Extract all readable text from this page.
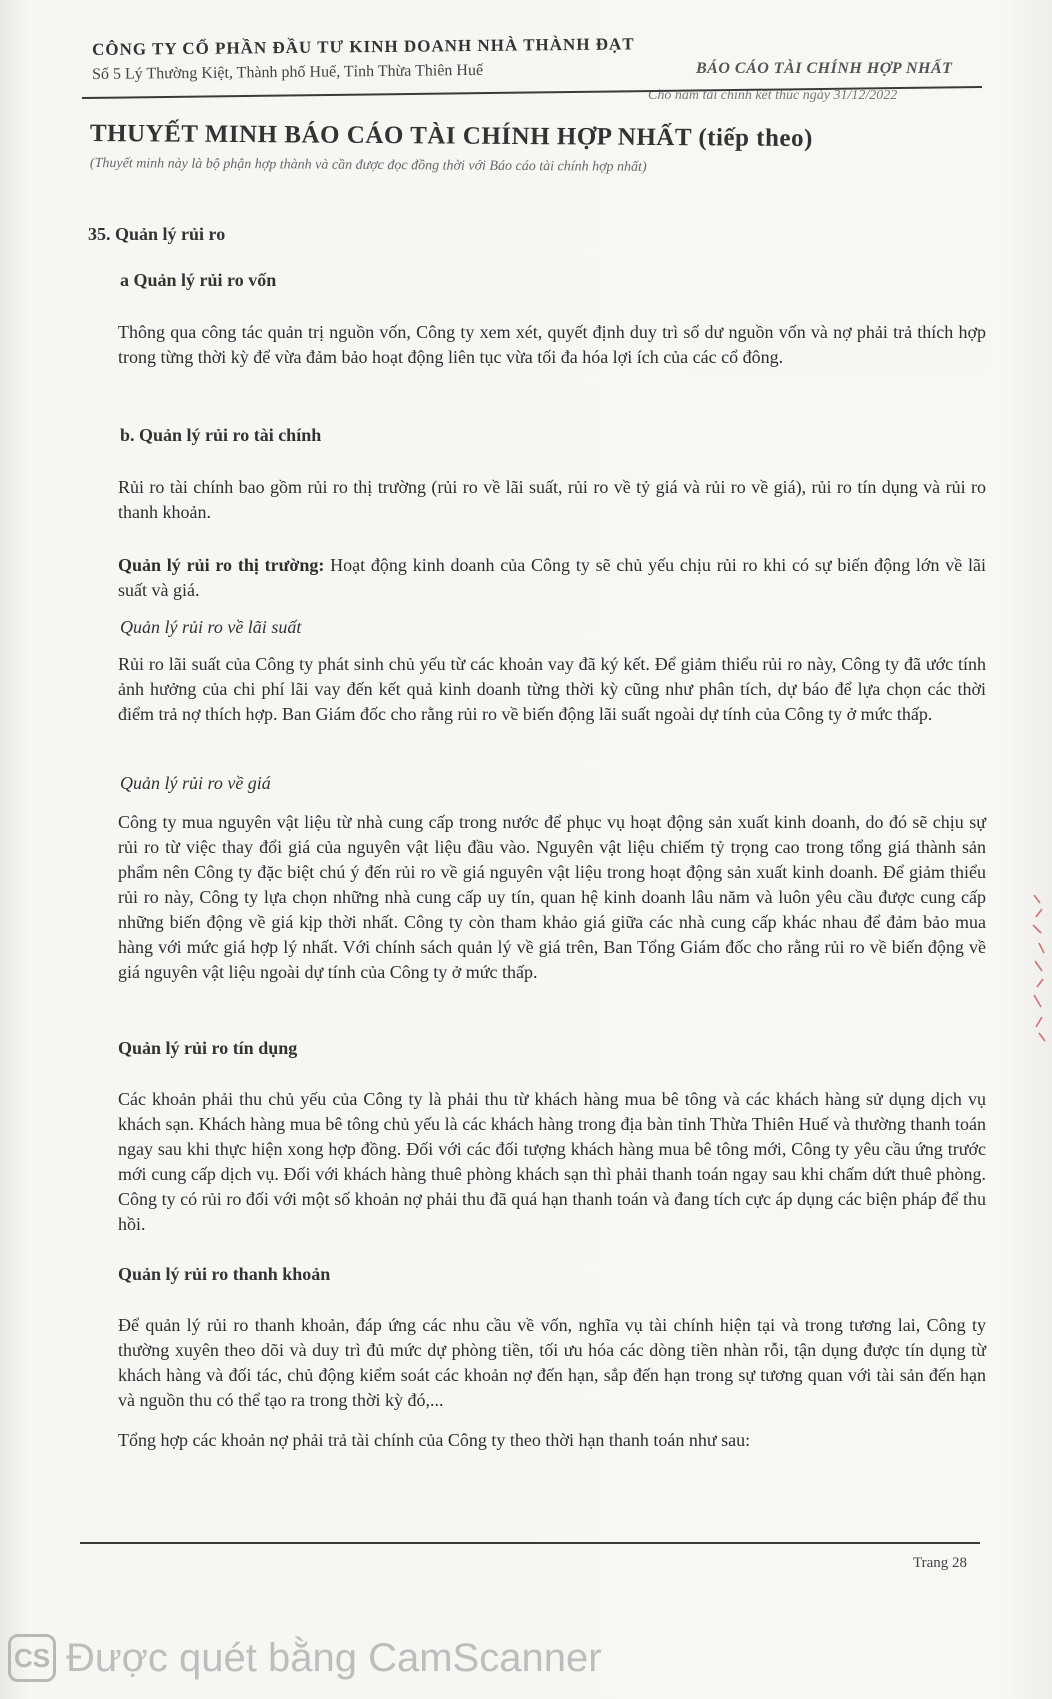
CÔNG TY CỔ PHẦN ĐẦU TƯ KINH DOANH NHÀ THÀNH ĐẠT
Số 5 Lý Thường Kiệt, Thành phố Huế, Tỉnh Thừa Thiên Huế	BÁO CÁO TÀI CHÍNH HỢP NHẤT
Cho năm tài chính kết thúc ngày 31/12/2022
THUYẾT MINH BÁO CÁO TÀI CHÍNH HỢP NHẤT (tiếp theo)
(Thuyết minh này là bộ phận hợp thành và cần được đọc đồng thời với Báo cáo tài chính hợp nhất)
35. Quản lý rủi ro
a Quản lý rủi ro vốn
Thông qua công tác quản trị nguồn vốn, Công ty xem xét, quyết định duy trì số dư nguồn vốn và nợ phải trả thích hợp trong từng thời kỳ để vừa đảm bảo hoạt động liên tục vừa tối đa hóa lợi ích của các cổ đông.
b. Quản lý rủi ro tài chính
Rủi ro tài chính bao gồm rủi ro thị trường (rủi ro về lãi suất, rủi ro về tỷ giá và rủi ro về giá), rủi ro tín dụng và rủi ro thanh khoản.
Quản lý rủi ro thị trường: Hoạt động kinh doanh của Công ty sẽ chủ yếu chịu rủi ro khi có sự biến động lớn về lãi suất và giá.
Quản lý rủi ro về lãi suất
Rủi ro lãi suất của Công ty phát sinh chủ yếu từ các khoản vay đã ký kết. Để giảm thiểu rủi ro này, Công ty đã ước tính ảnh hưởng của chi phí lãi vay đến kết quả kinh doanh từng thời kỳ cũng như phân tích, dự báo để lựa chọn các thời điểm trả nợ thích hợp. Ban Giám đốc cho rằng rủi ro về biến động lãi suất ngoài dự tính của Công ty ở mức thấp.
Quản lý rủi ro về giá
Công ty mua nguyên vật liệu từ nhà cung cấp trong nước để phục vụ hoạt động sản xuất kinh doanh, do đó sẽ chịu sự rủi ro từ việc thay đổi giá của nguyên vật liệu đầu vào. Nguyên vật liệu chiếm tỷ trọng cao trong tổng giá thành sản phẩm nên Công ty đặc biệt chú ý đến rủi ro về giá nguyên vật liệu trong hoạt động sản xuất kinh doanh. Để giảm thiểu rủi ro này, Công ty lựa chọn những nhà cung cấp uy tín, quan hệ kinh doanh lâu năm và luôn yêu cầu được cung cấp những biến động về giá kịp thời nhất. Công ty còn tham khảo giá giữa các nhà cung cấp khác nhau để đảm bảo mua hàng với mức giá hợp lý nhất. Với chính sách quản lý về giá trên, Ban Tổng Giám đốc cho rằng rủi ro về biến động về giá nguyên vật liệu ngoài dự tính của Công ty ở mức thấp.
Quản lý rủi ro tín dụng
Các khoản phải thu chủ yếu của Công ty là phải thu từ khách hàng mua bê tông và các khách hàng sử dụng dịch vụ khách sạn. Khách hàng mua bê tông chủ yếu là các khách hàng trong địa bàn tỉnh Thừa Thiên Huế và thường thanh toán ngay sau khi thực hiện xong hợp đồng. Đối với các đối tượng khách hàng mua bê tông mới, Công ty yêu cầu ứng trước mới cung cấp dịch vụ. Đối với khách hàng thuê phòng khách sạn thì phải thanh toán ngay sau khi chấm dứt thuê phòng. Công ty có rủi ro đối với một số khoản nợ phải thu đã quá hạn thanh toán và đang tích cực áp dụng các biện pháp để thu hồi.
Quản lý rủi ro thanh khoản
Để quản lý rủi ro thanh khoản, đáp ứng các nhu cầu về vốn, nghĩa vụ tài chính hiện tại và trong tương lai, Công ty thường xuyên theo dõi và duy trì đủ mức dự phòng tiền, tối ưu hóa các dòng tiền nhàn rỗi, tận dụng được tín dụng từ khách hàng và đối tác, chủ động kiểm soát các khoản nợ đến hạn, sắp đến hạn trong sự tương quan với tài sản đến hạn và nguồn thu có thể tạo ra trong thời kỳ đó,...
Tổng hợp các khoản nợ phải trả tài chính của Công ty theo thời hạn thanh toán như sau:
Trang 28
CS Được quét bằng CamScanner
